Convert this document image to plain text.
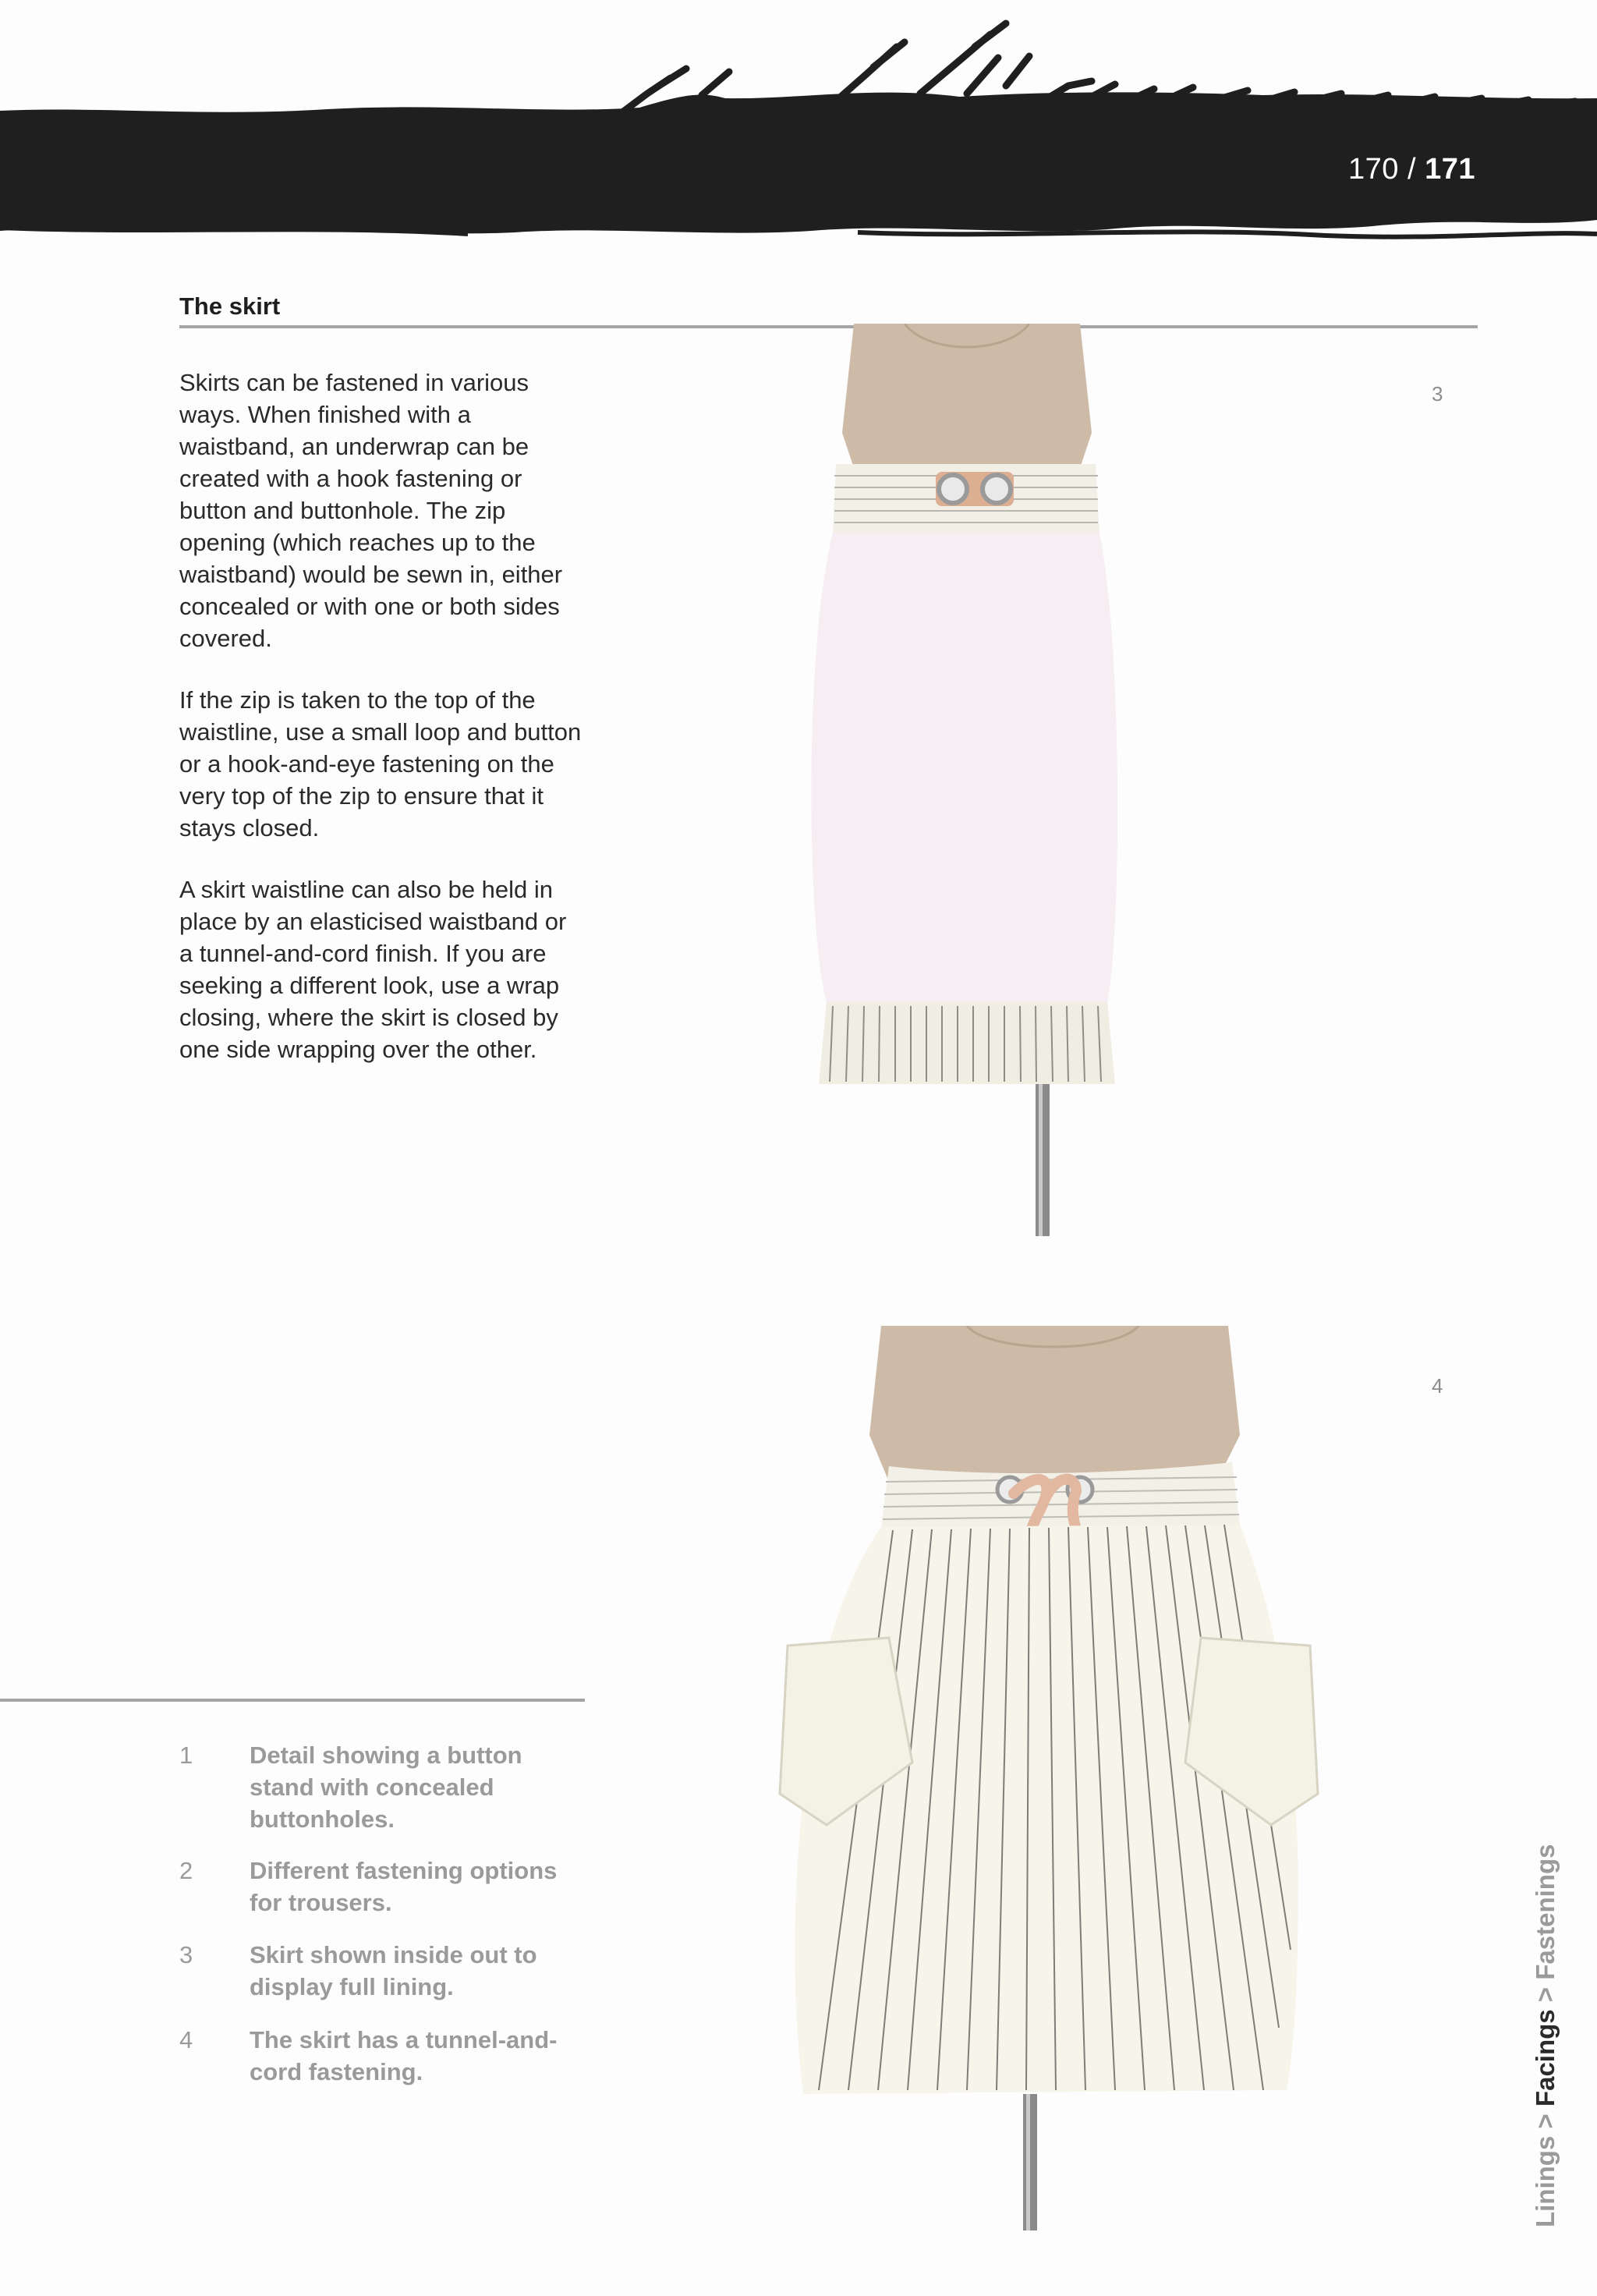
170 / 171
The skirt

Skirts can be fastened in various ways. When finished with a waistband, an underwrap can be created with a hook fastening or button and buttonhole. The zip opening (which reaches up to the waistband) would be sewn in, either concealed or with one or both sides covered.

If the zip is taken to the top of the waistline, use a small loop and button or a hook-and-eye fastening on the very top of the zip to ensure that it stays closed.

A skirt waistline can also be held in place by an elasticised waistband or a tunnel-and-cord finish. If you are seeking a different look, use a wrap closing, where the skirt is closed by one side wrapping over the other.

3
4
1 Detail showing a button stand with concealed buttonholes.
2 Different fastening options for trousers.
3 Skirt shown inside out to display full lining.
4 The skirt has a tunnel-and-cord fastening.
Linings > Facings > Fastenings
